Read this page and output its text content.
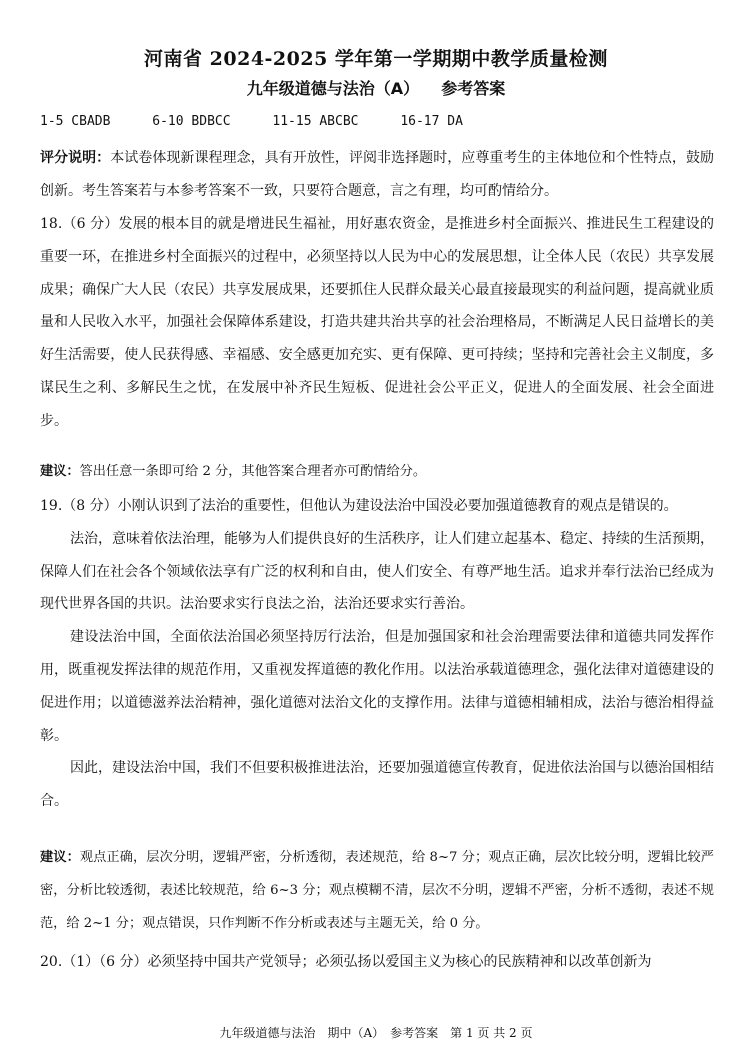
河南省 2024-2025 学年第一学期期中教学质量检测
九年级道德与法治（A） 参考答案
1-5 CBADB	6-10 BDBCC	11-15 ABCBC	16-17 DA

评分说明：本试卷体现新课程理念，具有开放性，评阅非选择题时，应尊重考生的主体地位和个性特点，鼓励创新。考生答案若与本参考答案不一致，只要符合题意，言之有理，均可酌情给分。

18.（6 分）发展的根本目的就是增进民生福祉，用好惠农资金，是推进乡村全面振兴、推进民生工程建设的重要一环，在推进乡村全面振兴的过程中，必须坚持以人民为中心的发展思想，让全体人民（农民）共享发展成果；确保广大人民（农民）共享发展成果，还要抓住人民群众最关心最直接最现实的利益问题，提高就业质量和人民收入水平，加强社会保障体系建设，打造共建共治共享的社会治理格局，不断满足人民日益增长的美好生活需要，使人民获得感、幸福感、安全感更加充实、更有保障、更可持续；坚持和完善社会主义制度，多谋民生之利、多解民生之忧，在发展中补齐民生短板、促进社会公平正义，促进人的全面发展、社会全面进步。

建议：答出任意一条即可给 2 分，其他答案合理者亦可酌情给分。

19.（8 分）小刚认识到了法治的重要性，但他认为建设法治中国没必要加强道德教育的观点是错误的。

法治，意味着依法治理，能够为人们提供良好的生活秩序，让人们建立起基本、稳定、持续的生活预期，保障人们在社会各个领域依法享有广泛的权利和自由，使人们安全、有尊严地生活。追求并奉行法治已经成为现代世界各国的共识。法治要求实行良法之治，法治还要求实行善治。

建设法治中国，全面依法治国必须坚持厉行法治，但是加强国家和社会治理需要法律和道德共同发挥作用，既重视发挥法律的规范作用，又重视发挥道德的教化作用。以法治承载道德理念，强化法律对道德建设的促进作用；以道德滋养法治精神，强化道德对法治文化的支撑作用。法律与道德相辅相成，法治与德治相得益彰。

因此，建设法治中国，我们不但要积极推进法治，还要加强道德宣传教育，促进依法治国与以德治国相结合。

建议：观点正确，层次分明，逻辑严密，分析透彻，表述规范，给 8~7 分；观点正确，层次比较分明，逻辑比较严密，分析比较透彻，表述比较规范，给 6~3 分；观点模糊不清，层次不分明，逻辑不严密，分析不透彻，表述不规范，给 2~1 分；观点错误，只作判断不作分析或表述与主题无关，给 0 分。

20.（1）（6 分）必须坚持中国共产党领导；必须弘扬以爱国主义为核心的民族精神和以改革创新为

九年级道德与法治　期中（A）　参考答案　第 1 页 共 2 页
